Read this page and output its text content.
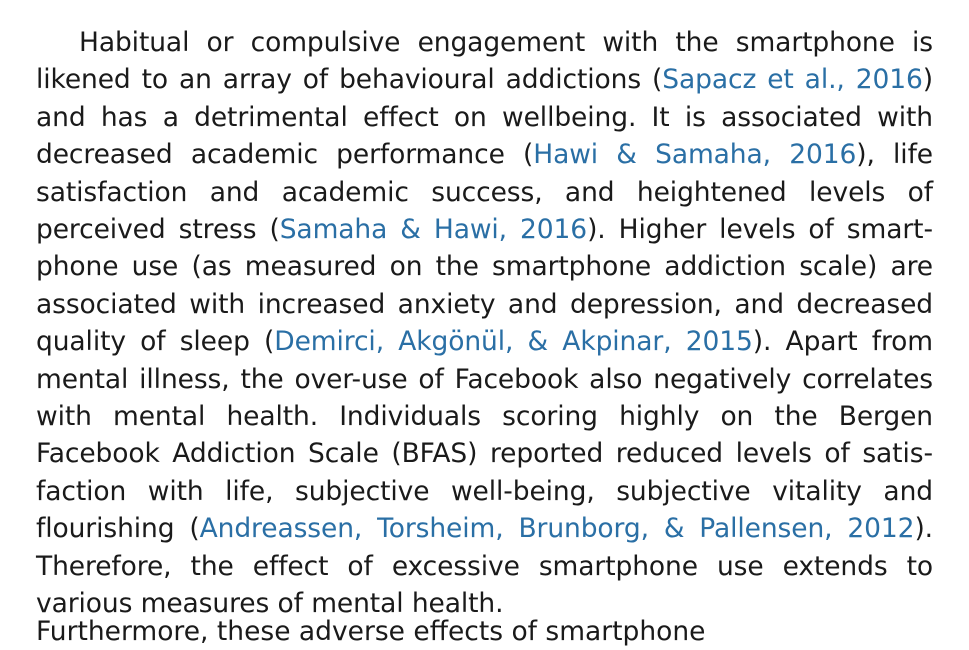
Habitual or compulsive engagement with the smartphone is likened to an array of behavioural addictions (Sapacz et al., 2016) and has a detrimental effect on wellbeing. It is associated with decreased academic performance (Hawi & Samaha, 2016), life satisfaction and academic success, and heightened levels of perceived stress (Samaha & Hawi, 2016). Higher levels of smartphone use (as measured on the smartphone addiction scale) are associated with increased anxiety and depression, and decreased quality of sleep (Demirci, Akgönül, & Akpinar, 2015). Apart from mental illness, the over-use of Facebook also negatively correlates with mental health. Individuals scoring highly on the Bergen Facebook Addiction Scale (BFAS) reported reduced levels of satisfaction with life, subjective well-being, subjective vitality and flourishing (Andreassen, Torsheim, Brunborg, & Pallensen, 2012). Therefore, the effect of excessive smartphone use extends to various measures of mental health.

Furthermore, these adverse effects of smartphone
